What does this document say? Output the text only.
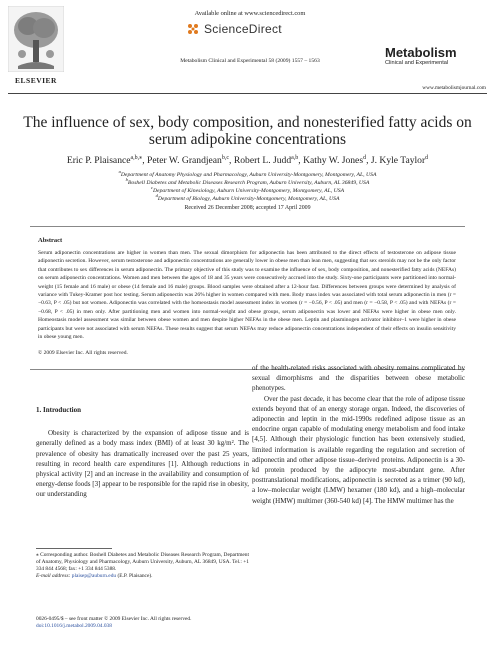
ELSEVIER
Available online at www.sciencedirect.com
ScienceDirect
Metabolism Clinical and Experimental 58 (2009) 1557 – 1563
Metabolism
Clinical and Experimental
www.metabolismjournal.com
The influence of sex, body composition, and nonesterified fatty acids on serum adipokine concentrations
Eric P. Plaisance$^{a,b,⁎}$, Peter W. Grandjean$^{b,c}$, Robert L. Judd$^{a,b}$, Kathy W. Jones$^d$, J. Kyle Taylor$^d$
$^a$Department of Anatomy Physiology and Pharmacology, Auburn University-Montgomery, Montgomery, AL, USA
$^b$Boshell Diabetes and Metabolic Diseases Research Program, Auburn University, Auburn, AL 36849, USA
$^c$Department of Kinesiology, Auburn University-Montgomery, Montgomery, AL, USA
$^d$Department of Biology, Auburn University-Montgomery, Montgomery, AL, USA
Received 26 December 2008; accepted 17 April 2009
Abstract
Serum adiponectin concentrations are higher in women than men. The sexual dimorphism for adiponectin has been attributed to the direct effects of testosterone on adipose tissue adiponectin secretion. However, serum testosterone and adiponectin concentrations are generally lower in obese men than lean men, suggesting that sex steroids may not be the only factor that contributes to sex differences in serum adiponectin. The primary objective of this study was to examine the influence of sex, body composition, and nonesterified fatty acids (NEFAs) on serum adiponectin concentrations. Women and men between the ages of 18 and 35 years were consecutively accrued into the study. Sixty-one participants were partitioned into normal-weight (15 female and 16 male) or obese (14 female and 16 male) groups. Blood samples were obtained after a 12-hour fast. Differences between groups were determined by analysis of variance with Tukey-Kramer post hoc testing. Serum adiponectin was 26% higher in women compared with men. Body mass index was associated with total serum adiponectin in men (r = −0.63, P < .05) but not women. Adiponectin was correlated with the homeostasis model assessment index in women (r = −0.56, P < .05) and men (r = −0.58, P < .05) and with NEFAs (r = −0.68, P < .05) in men only. After partitioning men and women into normal-weight and obese groups, serum adiponectin was lower and NEFAs were higher in obese men only. Homeostasis model assessment was similar between obese women and men despite higher NEFAs in the obese men. Leptin and plasminogen activator inhibitor–1 were higher in obese participants but were not associated with serum NEFAs. These results suggest that serum NEFAs may reduce adiponectin concentrations independent of their effects on insulin sensitivity in obese young men.
© 2009 Elsevier Inc. All rights reserved.
1. Introduction

Obesity is characterized by the expansion of adipose tissue and is generally defined as a body mass index (BMI) of at least 30 kg/m². The prevalence of obesity has dramatically increased over the past 25 years, resulting in record health care expenditures [1]. Although reductions in physical activity [2] and an increase in the availability and consumption of energy-dense foods [3] appear to be responsible for the rapid rise in obesity, our understanding

of the health-related risks associated with obesity remains complicated by sexual dimorphisms and the disparities between obese metabolic phenotypes.

Over the past decade, it has become clear that the role of adipose tissue extends beyond that of an energy storage organ. Indeed, the discoveries of adiponectin and leptin in the mid-1990s redefined adipose tissue as an endocrine organ capable of modulating energy metabolism and food intake [4,5]. Although their physiologic function has been extensively studied, limited information is available regarding the regulation and secretion of adiponectin and other adipose tissue–derived proteins. Adiponectin is a 30-kd protein produced by the adipocyte most-abundant gene. After posttranslational modifications, adiponectin is secreted as a trimer (90 kd), a low–molecular weight (LMW) hexamer (180 kd), and a high–molecular weight (HMW) multimer (360-540 kd) [4]. The HMW multimer has the

⁎ Corresponding author. Boshell Diabetes and Metabolic Diseases Research Program, Department of Anatomy, Physiology and Pharmacology, Auburn University, Auburn, AL 36849, USA. Tel.: +1 334 844 4568; fax: +1 334 844 5388.
E-mail address: plaisep@auburn.edu (E.P. Plaisance).
0026-0495/$ – see front matter © 2009 Elsevier Inc. All rights reserved.
doi:10.1016/j.metabol.2009.04.038
